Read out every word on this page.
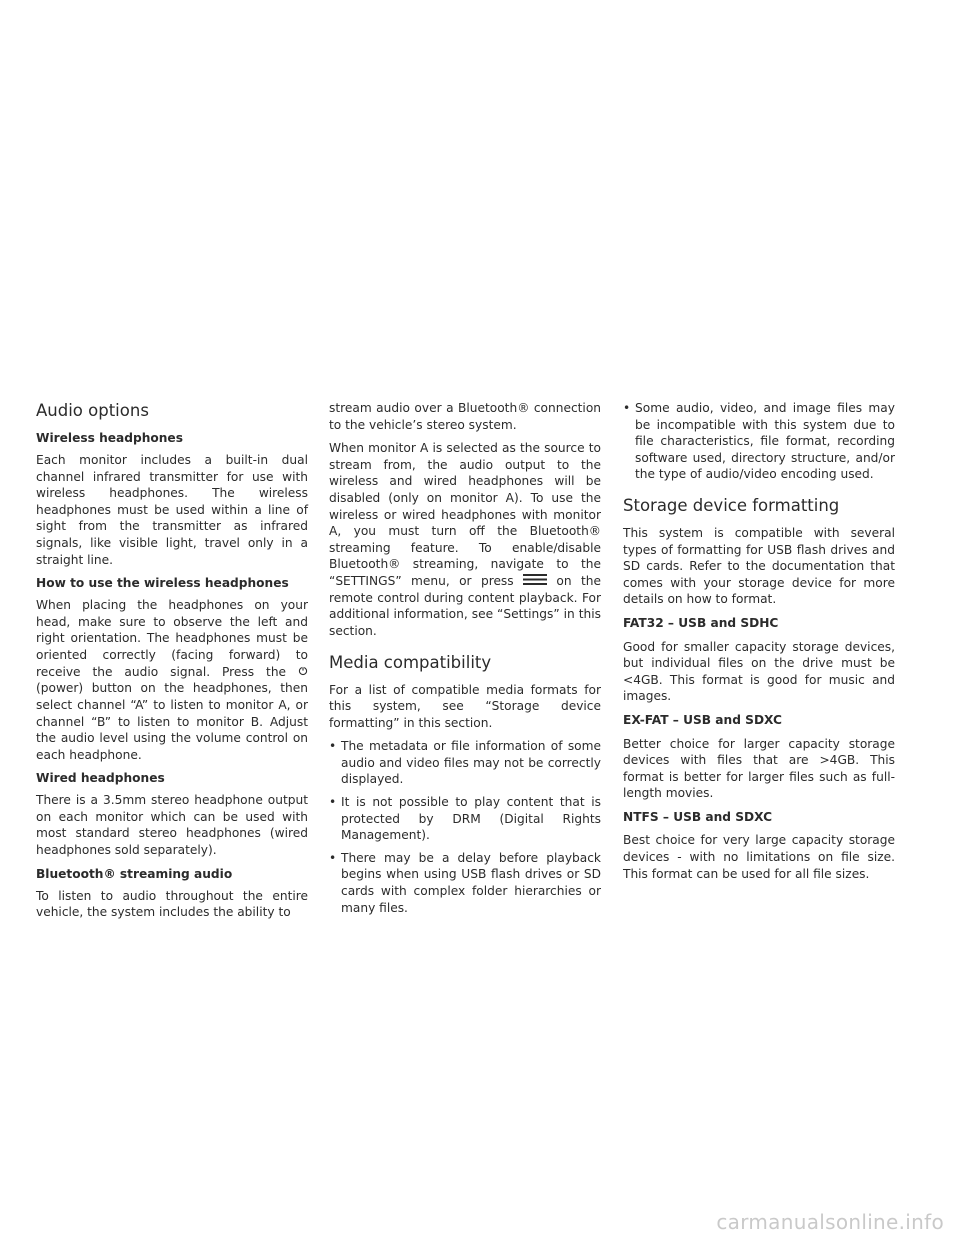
Audio options
Wireless headphones

Each monitor includes a built-in dual channel infrared transmitter for use with wireless headphones. The wireless headphones must be used within a line of sight from the transmitter as infrared signals, like visible light, travel only in a straight line.

How to use the wireless headphones

When placing the headphones on your head, make sure to observe the left and right orientation. The headphones must be oriented correctly (facing forward) to receive the audio signal. Press the  (power) button on the headphones, then select channel “A” to listen to monitor A, or channel “B” to listen to monitor B. Adjust the audio level using the volume control on each headphone.

Wired headphones

There is a 3.5mm stereo headphone output on each monitor which can be used with most standard stereo headphones (wired headphones sold separately).

Bluetooth® streaming audio

To listen to audio throughout the entire vehicle, the system includes the ability to

stream audio over a Bluetooth® connection to the vehicle’s stereo system.

When monitor A is selected as the source to stream from, the audio output to the wireless and wired headphones will be disabled (only on monitor A). To use the wireless or wired headphones with monitor A, you must turn off the Bluetooth® streaming feature. To enable/disable Bluetooth® streaming, navigate to the “SETTINGS” menu, or press	on the remote control during content playback. For additional information, see “Settings” in this section.

Media compatibility

For a list of compatible media formats for this system, see “Storage device formatting” in this section.

• The metadata or file information of some audio and video files may not be correctly displayed.
• It is not possible to play content that is protected by DRM (Digital Rights Management).
• There may be a delay before playback begins when using USB flash drives or SD cards with complex folder hierarchies or many files.
• Some audio, video, and image files may be incompatible with this system due to file characteristics, file format, recording software used, directory structure, and/or the type of audio/video encoding used.
Storage device formatting

This system is compatible with several types of formatting for USB flash drives and SD cards. Refer to the documentation that comes with your storage device for more details on how to format.

FAT32 – USB and SDHC

Good for smaller capacity storage devices, but individual files on the drive must be <4GB. This format is good for music and images.

EX-FAT – USB and SDXC

Better choice for larger capacity storage devices with files that are >4GB. This format is better for larger files such as full-length movies.

NTFS – USB and SDXC

Best choice for very large capacity storage devices - with no limitations on file size. This format can be used for all file sizes.

carmanualsonline.info
